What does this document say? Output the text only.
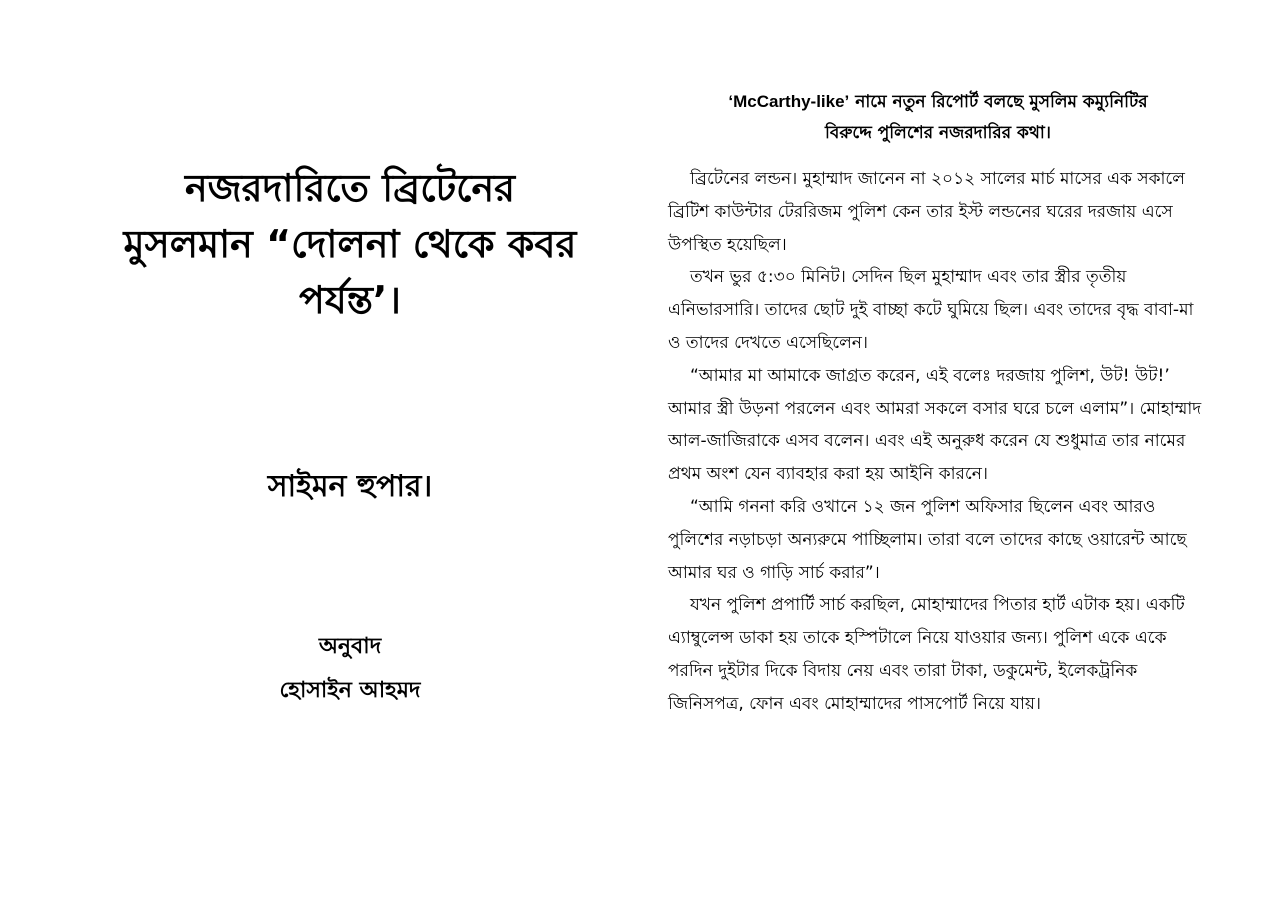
নজরদারিতে ব্রিটেনের
মুসলমান “দোলনা থেকে কবর
পর্যন্ত’।
সাইমন হুপার।
অনুবাদ
হোসাইন আহমদ
‘McCarthy-like’ নামে নতুন রিপোর্ট বলছে মুসলিম কম্যুনিটির
বিরুদ্দে পুলিশের নজরদারির কথা।

ব্রিটেনের লন্ডন। মুহাম্মাদ জানেন না ২০১২ সালের মার্চ মাসের এক সকালে ব্রিটিশ কাউন্টার টেররিজম পুলিশ কেন তার ইস্ট লন্ডনের ঘরের দরজায় এসে উপস্থিত হয়েছিল।

তখন ভুর ৫:৩০ মিনিট। সেদিন ছিল মুহাম্মাদ এবং তার স্ত্রীর তৃতীয় এনিভারসারি। তাদের ছোট দুই বাচ্ছা কটে ঘুমিয়ে ছিল। এবং তাদের বৃদ্ধ বাবা-মা ও তাদের দেখতে এসেছিলেন।

“আমার মা আমাকে জাগ্রত করেন, এই বলেঃ দরজায় পুলিশ, উট! উট!’ আমার স্ত্রী উড়না পরলেন এবং আমরা সকলে বসার ঘরে চলে এলাম”। মোহাম্মাদ আল-জাজিরাকে এসব বলেন। এবং এই অনুরুধ করেন যে শুধুমাত্র তার নামের প্রথম অংশ যেন ব্যাবহার করা হয় আইনি কারনে।

“আমি গননা করি ওখানে ১২ জন পুলিশ অফিসার ছিলেন এবং আরও পুলিশের নড়াচড়া অন্যরুমে পাচ্ছিলাম। তারা বলে তাদের কাছে ওয়ারেন্ট আছে আমার ঘর ও গাড়ি সার্চ করার”।

যখন পুলিশ প্রপার্টি সার্চ করছিল, মোহাম্মাদের পিতার হার্ট এটাক হয়। একটি এ্যাম্বুলেন্স ডাকা হয় তাকে হস্পিটালে নিয়ে যাওয়ার জন্য। পুলিশ একে একে পরদিন দুইটার দিকে বিদায় নেয় এবং তারা টাকা, ডকুমেন্ট, ইলেকট্রনিক জিনিসপত্র, ফোন এবং মোহাম্মাদের পাসপোর্ট নিয়ে যায়।
